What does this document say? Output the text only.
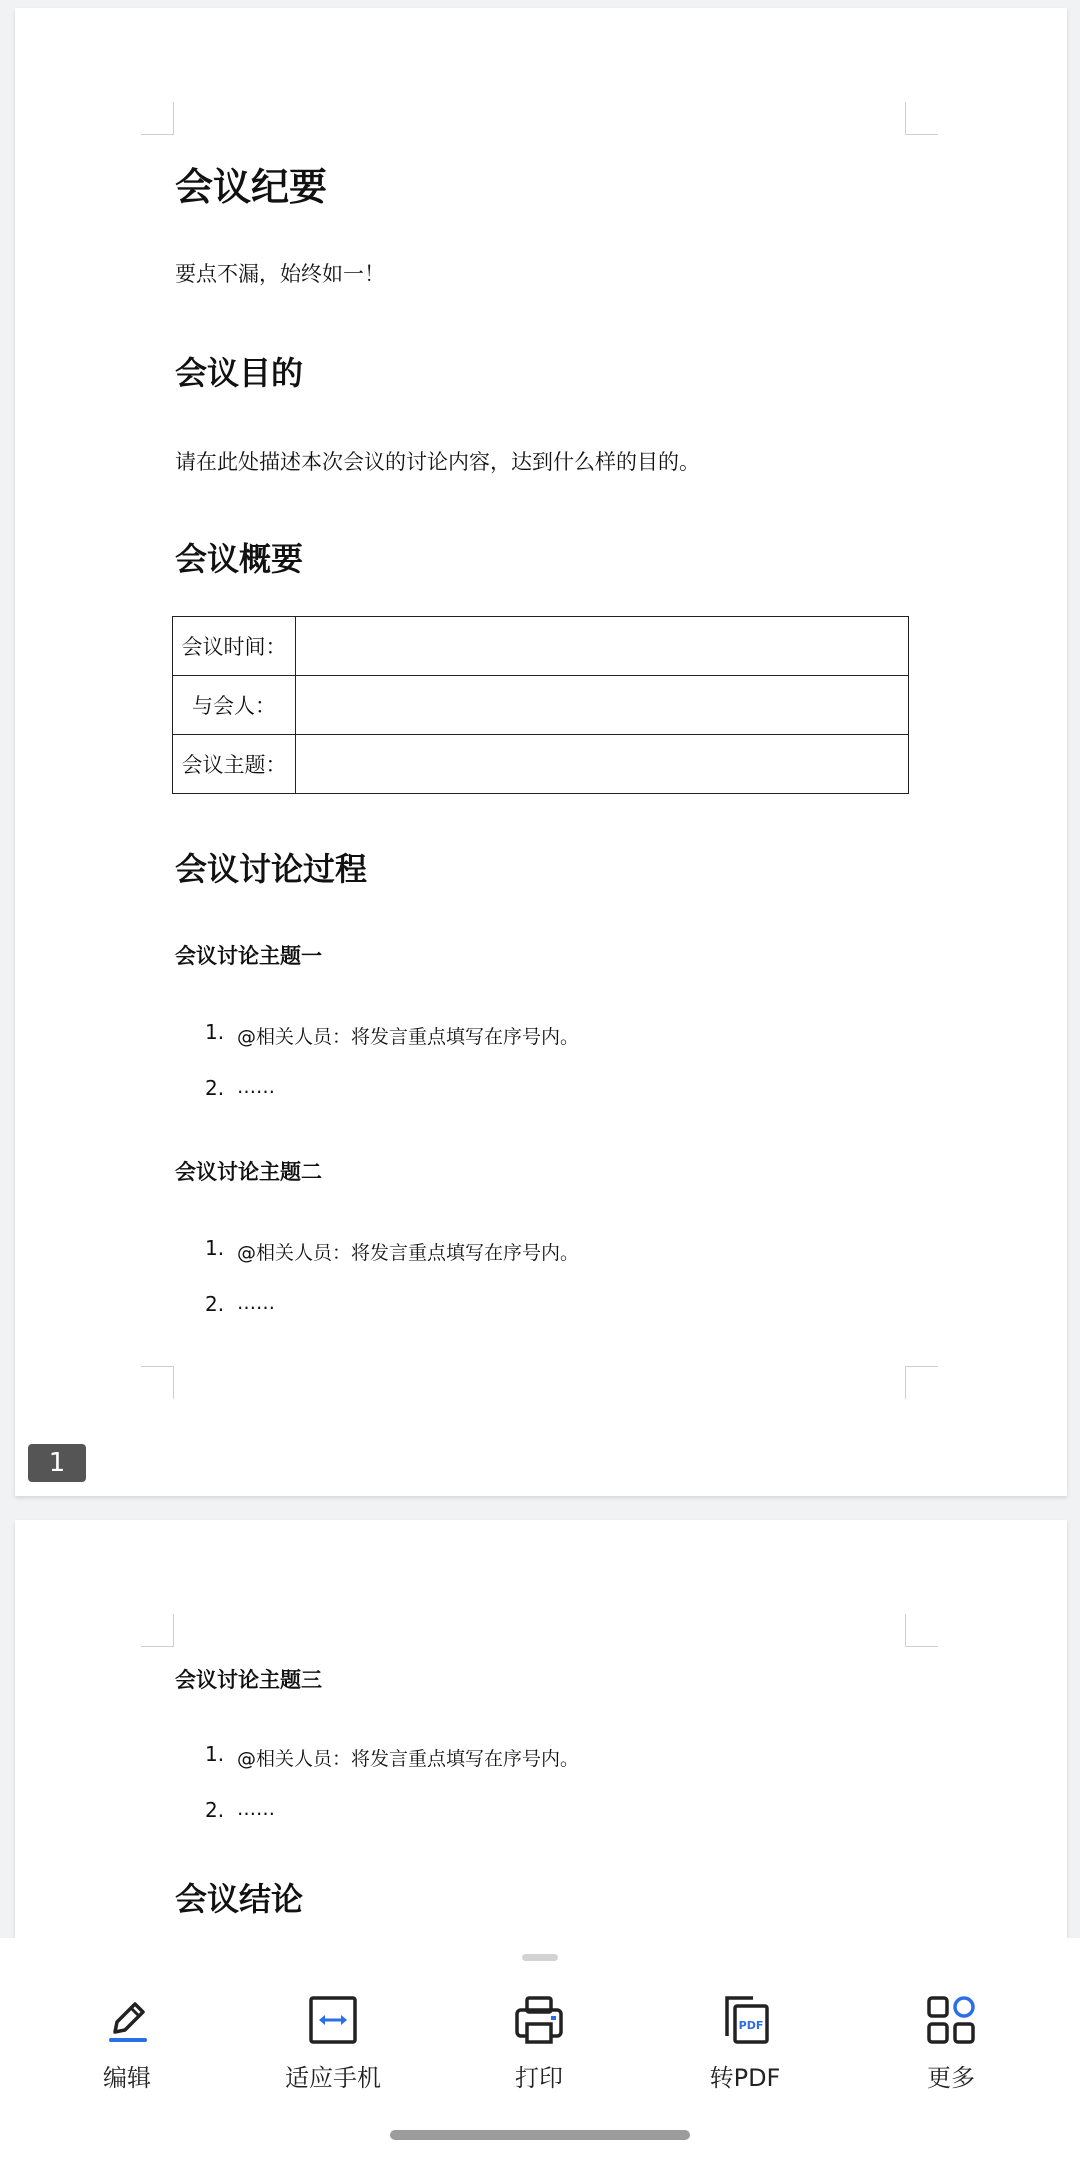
会议纪要
要点不漏，始终如一！
会议目的
请在此处描述本次会议的讨论内容，达到什么样的目的。
会议概要
会议时间：	
与会人：	
会议主题：	
会议讨论过程
会议讨论主题一
1. @相关人员：将发言重点填写在序号内。
2. ……
会议讨论主题二
1. @相关人员：将发言重点填写在序号内。
2. ……
1
会议讨论主题三
1. @相关人员：将发言重点填写在序号内。
2. ……
会议结论
编辑	适应手机	打印
PDF
转PDF	更多
